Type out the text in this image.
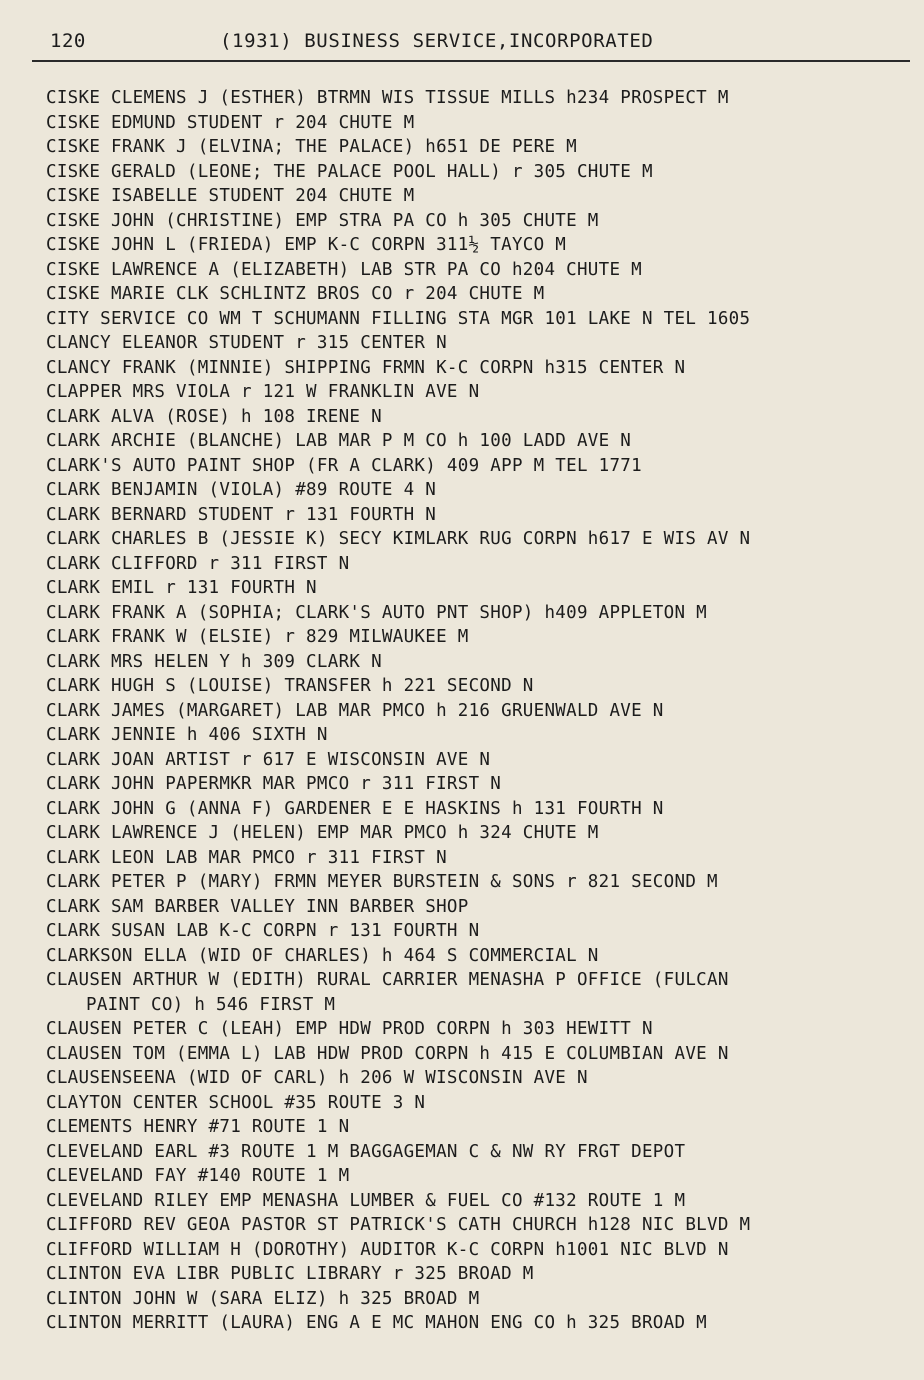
120	(1931) BUSINESS SERVICE,INCORPORATED
CISKE CLEMENS J (ESTHER) BTRMN WIS TISSUE MILLS h234 PROSPECT M
CISKE EDMUND STUDENT r 204 CHUTE M
CISKE FRANK J (ELVINA; THE PALACE) h651 DE PERE M
CISKE GERALD (LEONE; THE PALACE POOL HALL) r 305 CHUTE M
CISKE ISABELLE STUDENT 204 CHUTE M
CISKE JOHN (CHRISTINE) EMP STRA PA CO h 305 CHUTE M
CISKE JOHN L (FRIEDA) EMP K-C CORPN 311½ TAYCO M
CISKE LAWRENCE A (ELIZABETH) LAB STR PA CO h204 CHUTE M
CISKE MARIE CLK SCHLINTZ BROS CO r 204 CHUTE M
CITY SERVICE CO WM T SCHUMANN FILLING STA MGR 101 LAKE N TEL 1605
CLANCY ELEANOR STUDENT r 315 CENTER N
CLANCY FRANK (MINNIE) SHIPPING FRMN K-C CORPN h315 CENTER N
CLAPPER MRS VIOLA r 121 W FRANKLIN AVE N
CLARK ALVA (ROSE) h 108 IRENE N
CLARK ARCHIE (BLANCHE) LAB MAR P M CO h 100 LADD AVE N
CLARK'S AUTO PAINT SHOP (FR A CLARK) 409 APP M TEL 1771
CLARK BENJAMIN (VIOLA) #89 ROUTE 4 N
CLARK BERNARD STUDENT r 131 FOURTH N
CLARK CHARLES B (JESSIE K) SECY KIMLARK RUG CORPN h617 E WIS AV N
CLARK CLIFFORD r 311 FIRST N
CLARK EMIL r 131 FOURTH N
CLARK FRANK A (SOPHIA; CLARK'S AUTO PNT SHOP) h409 APPLETON M
CLARK FRANK W (ELSIE) r 829 MILWAUKEE M
CLARK MRS HELEN Y h 309 CLARK N
CLARK HUGH S (LOUISE) TRANSFER h 221 SECOND N
CLARK JAMES (MARGARET) LAB MAR PMCO h 216 GRUENWALD AVE N
CLARK JENNIE h 406 SIXTH N
CLARK JOAN ARTIST r 617 E WISCONSIN AVE N
CLARK JOHN PAPERMKR MAR PMCO r 311 FIRST N
CLARK JOHN G (ANNA F) GARDENER E E HASKINS h 131 FOURTH N
CLARK LAWRENCE J (HELEN) EMP MAR PMCO h 324 CHUTE M
CLARK LEON LAB MAR PMCO r 311 FIRST N
CLARK PETER P (MARY) FRMN MEYER BURSTEIN & SONS r 821 SECOND M
CLARK SAM BARBER VALLEY INN BARBER SHOP
CLARK SUSAN LAB K-C CORPN r 131 FOURTH N
CLARKSON ELLA (WID OF CHARLES) h 464 S COMMERCIAL N
CLAUSEN ARTHUR W (EDITH) RURAL CARRIER MENASHA P OFFICE (FULCAN
PAINT CO) h 546 FIRST M
CLAUSEN PETER C (LEAH) EMP HDW PROD CORPN h 303 HEWITT N
CLAUSEN TOM (EMMA L) LAB HDW PROD CORPN h 415 E COLUMBIAN AVE N
CLAUSENSEENA (WID OF CARL) h 206 W WISCONSIN AVE N
CLAYTON CENTER SCHOOL #35 ROUTE 3 N
CLEMENTS HENRY #71 ROUTE 1 N
CLEVELAND EARL #3 ROUTE 1 M BAGGAGEMAN C & NW RY FRGT DEPOT
CLEVELAND FAY #140 ROUTE 1 M
CLEVELAND RILEY EMP MENASHA LUMBER & FUEL CO #132 ROUTE 1 M
CLIFFORD REV GEOA PASTOR ST PATRICK'S CATH CHURCH h128 NIC BLVD M
CLIFFORD WILLIAM H (DOROTHY) AUDITOR K-C CORPN h1001 NIC BLVD N
CLINTON EVA LIBR PUBLIC LIBRARY r 325 BROAD M
CLINTON JOHN W (SARA ELIZ) h 325 BROAD M
CLINTON MERRITT (LAURA) ENG A E MC MAHON ENG CO h 325 BROAD M
